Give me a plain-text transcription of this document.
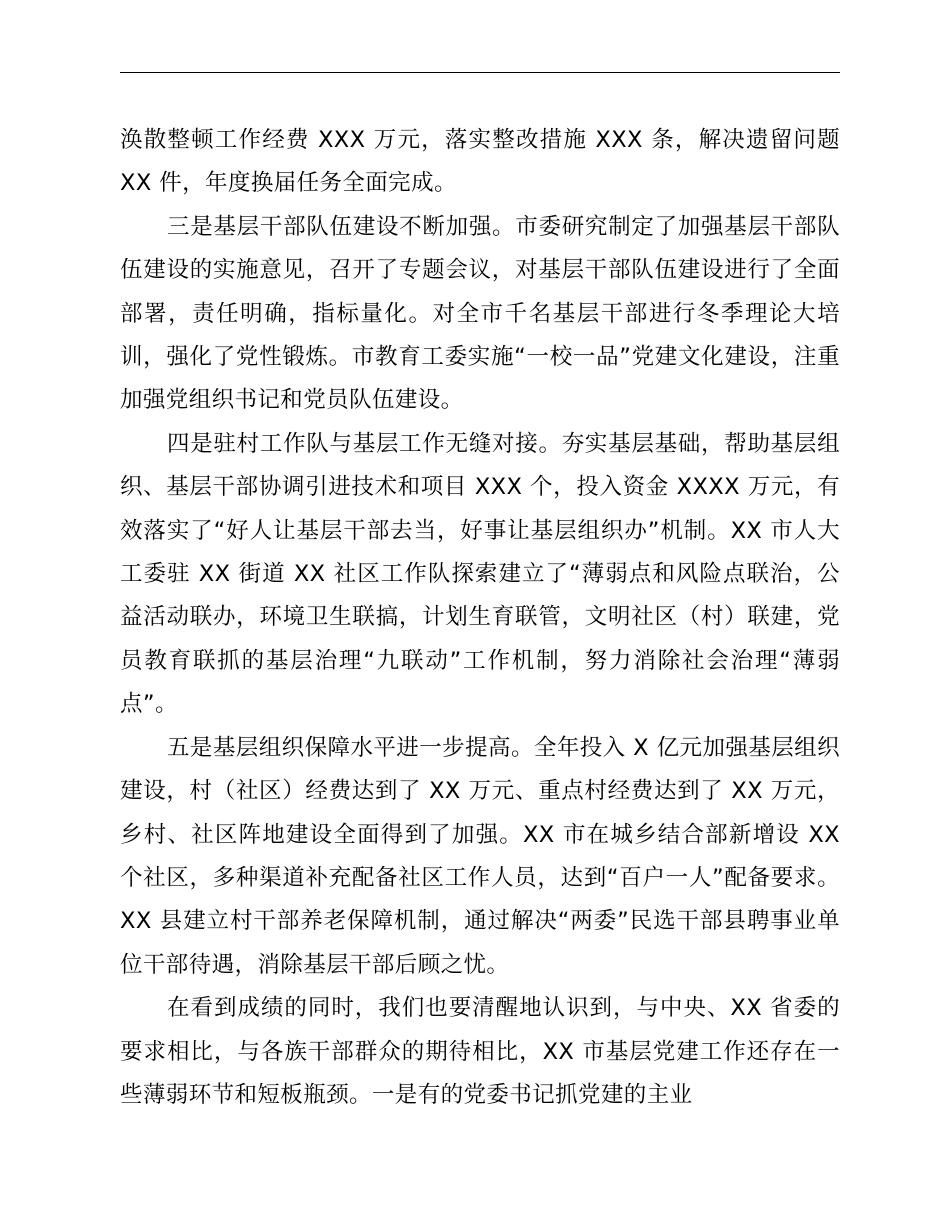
涣散整顿工作经费 XXX 万元，落实整改措施 XXX 条，解决遗留问题 XX 件，年度换届任务全面完成。

三是基层干部队伍建设不断加强。市委研究制定了加强基层干部队伍建设的实施意见，召开了专题会议，对基层干部队伍建设进行了全面部署，责任明确，指标量化。对全市千名基层干部进行冬季理论大培训，强化了党性锻炼。市教育工委实施“一校一品”党建文化建设，注重加强党组织书记和党员队伍建设。

四是驻村工作队与基层工作无缝对接。夯实基层基础，帮助基层组织、基层干部协调引进技术和项目 XXX 个，投入资金 XXXX 万元，有效落实了“好人让基层干部去当，好事让基层组织办”机制。XX 市人大工委驻 XX 街道 XX 社区工作队探索建立了“薄弱点和风险点联治，公益活动联办，环境卫生联搞，计划生育联管，文明社区（村）联建，党员教育联抓的基层治理“九联动”工作机制，努力消除社会治理“薄弱点”。

五是基层组织保障水平进一步提高。全年投入 X 亿元加强基层组织建设，村（社区）经费达到了 XX 万元、重点村经费达到了 XX 万元，乡村、社区阵地建设全面得到了加强。XX 市在城乡结合部新增设 XX 个社区，多种渠道补充配备社区工作人员，达到“百户一人”配备要求。XX 县建立村干部养老保障机制，通过解决“两委”民选干部县聘事业单位干部待遇，消除基层干部后顾之忧。

在看到成绩的同时，我们也要清醒地认识到，与中央、XX 省委的要求相比，与各族干部群众的期待相比，XX 市基层党建工作还存在一些薄弱环节和短板瓶颈。一是有的党委书记抓党建的主业
